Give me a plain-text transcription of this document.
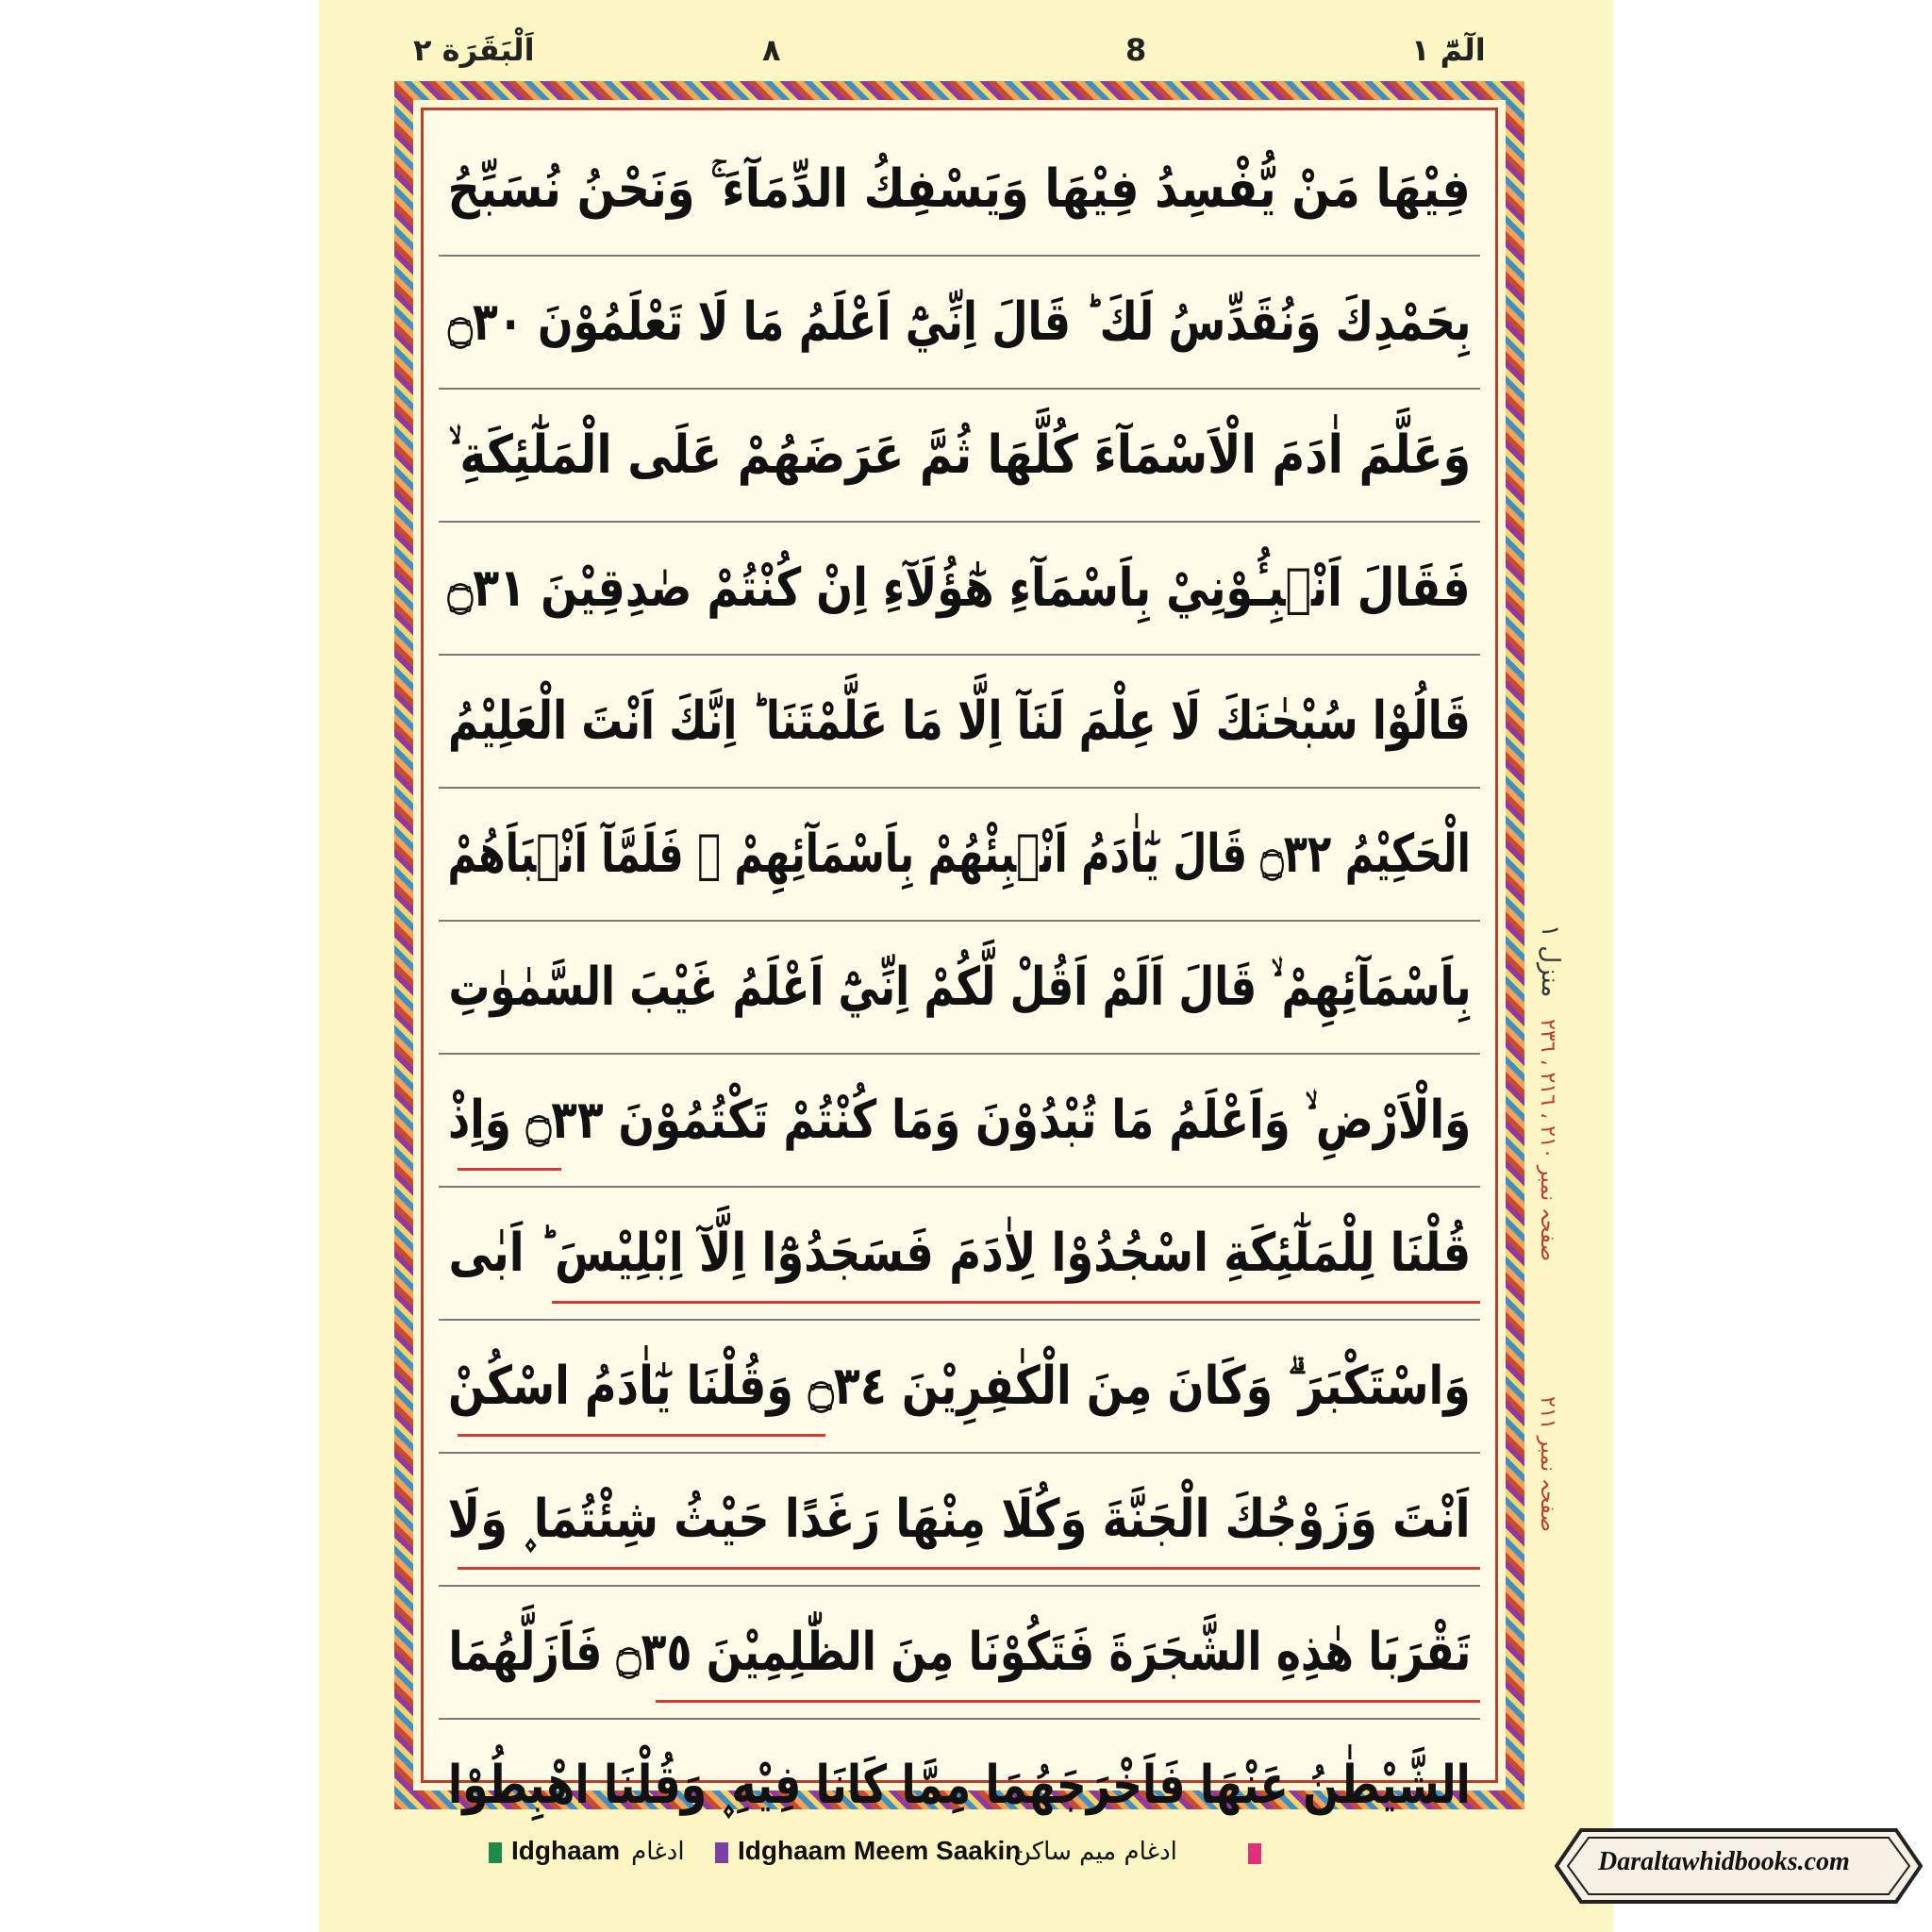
اَلْبَقَرَة ٢	٨	8	الٓمّٓ ١
فِيْهَا مَنْ يُّفْسِدُ فِيْهَا وَيَسْفِكُ الدِّمَآءَ ۚ وَنَحْنُ نُسَبِّحُ
بِحَمْدِكَ وَنُقَدِّسُ لَكَ ؕ قَالَ اِنِّيْٓ اَعْلَمُ مَا لَا تَعْلَمُوْنَ ۝٣٠
وَعَلَّمَ اٰدَمَ الْاَسْمَآءَ كُلَّهَا ثُمَّ عَرَضَهُمْ عَلَى الْمَلٰٓئِكَةِ ۙ
فَقَالَ اَنْۢبِـُٔوْنِيْ بِاَسْمَآءِ هٰٓؤُلَآءِ اِنْ كُنْتُمْ صٰدِقِيْنَ ۝٣١
قَالُوْا سُبْحٰنَكَ لَا عِلْمَ لَنَآ اِلَّا مَا عَلَّمْتَنَا ؕ اِنَّكَ اَنْتَ الْعَلِيْمُ
الْحَكِيْمُ ۝٣٢ قَالَ يٰٓاٰدَمُ اَنْۢبِئْهُمْ بِاَسْمَآئِهِمْ ۚ فَلَمَّآ اَنْۢبَاَهُمْ
بِاَسْمَآئِهِمْ ۙ قَالَ اَلَمْ اَقُلْ لَّكُمْ اِنِّيْٓ اَعْلَمُ غَيْبَ السَّمٰوٰتِ
وَالْاَرْضِ ۙ وَاَعْلَمُ مَا تُبْدُوْنَ وَمَا كُنْتُمْ تَكْتُمُوْنَ ۝٣٣ وَاِذْ
قُلْنَا لِلْمَلٰٓئِكَةِ اسْجُدُوْا لِاٰدَمَ فَسَجَدُوْٓا اِلَّآ اِبْلِيْسَ ؕ اَبٰى
وَاسْتَكْبَرَ ۗ وَكَانَ مِنَ الْكٰفِرِيْنَ ۝٣٤ وَقُلْنَا يٰٓاٰدَمُ اسْكُنْ
اَنْتَ وَزَوْجُكَ الْجَنَّةَ وَكُلَا مِنْهَا رَغَدًا حَيْثُ شِئْتُمَا ۪ وَلَا
تَقْرَبَا هٰذِهِ الشَّجَرَةَ فَتَكُوْنَا مِنَ الظّٰلِمِيْنَ ۝٣٥ فَاَزَلَّهُمَا
الشَّيْطٰنُ عَنْهَا فَاَخْرَجَهُمَا مِمَّا كَانَا فِيْهِ ۪ وَقُلْنَا اهْبِطُوْا
منزل ١
صفحہ نمبر ٢١٠ ، ٢١٦ ، ٢٣٦
صفحہ نمبر ٢١١
Idghaam ادغام	Idghaam Meem Saakin
ادغام میم ساکن	Daraltawhidbooks.com
